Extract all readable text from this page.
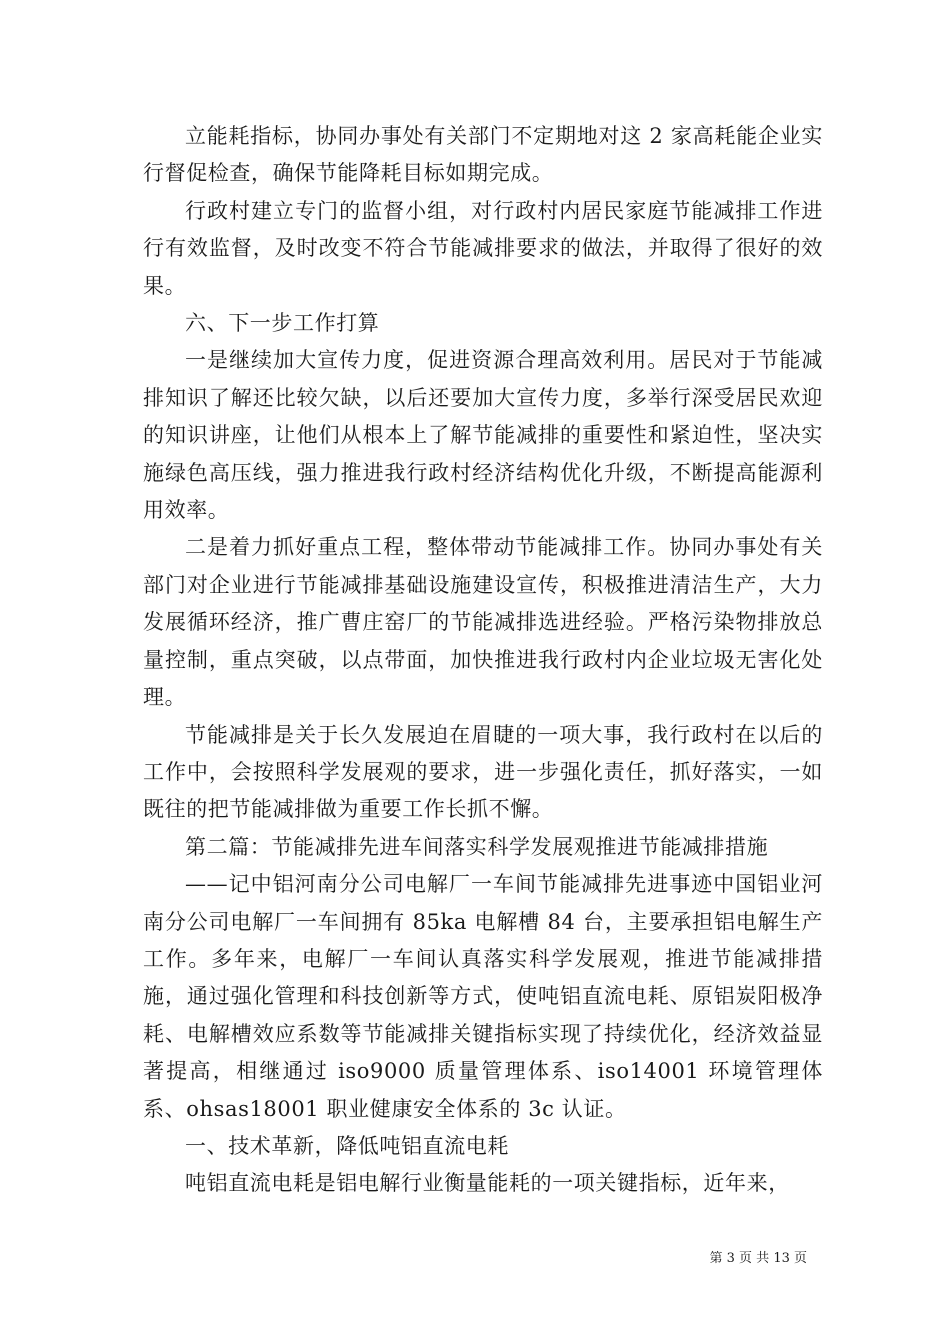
立能耗指标，协同办事处有关部门不定期地对这 2 家高耗能企业实行督促检查，确保节能降耗目标如期完成。

行政村建立专门的监督小组，对行政村内居民家庭节能减排工作进行有效监督，及时改变不符合节能减排要求的做法，并取得了很好的效果。

六、下一步工作打算

一是继续加大宣传力度，促进资源合理高效利用。居民对于节能减排知识了解还比较欠缺，以后还要加大宣传力度，多举行深受居民欢迎的知识讲座，让他们从根本上了解节能减排的重要性和紧迫性，坚决实施绿色高压线，强力推进我行政村经济结构优化升级，不断提高能源利用效率。

二是着力抓好重点工程，整体带动节能减排工作。协同办事处有关部门对企业进行节能减排基础设施建设宣传，积极推进清洁生产，大力发展循环经济，推广曹庄窑厂的节能减排选进经验。严格污染物排放总量控制，重点突破，以点带面，加快推进我行政村内企业垃圾无害化处理。

节能减排是关于长久发展迫在眉睫的一项大事，我行政村在以后的工作中，会按照科学发展观的要求，进一步强化责任，抓好落实，一如既往的把节能减排做为重要工作长抓不懈。

第二篇：节能减排先进车间落实科学发展观推进节能减排措施

——记中铝河南分公司电解厂一车间节能减排先进事迹中国铝业河南分公司电解厂一车间拥有 85ka 电解槽 84 台，主要承担铝电解生产工作。多年来，电解厂一车间认真落实科学发展观，推进节能减排措施，通过强化管理和科技创新等方式，使吨铝直流电耗、原铝炭阳极净耗、电解槽效应系数等节能减排关键指标实现了持续优化，经济效益显著提高，相继通过 iso9000 质量管理体系、iso14001 环境管理体系、ohsas18001 职业健康安全体系的 3c 认证。

一、技术革新，降低吨铝直流电耗

吨铝直流电耗是铝电解行业衡量能耗的一项关键指标，近年来，

第 3 页 共 13 页
